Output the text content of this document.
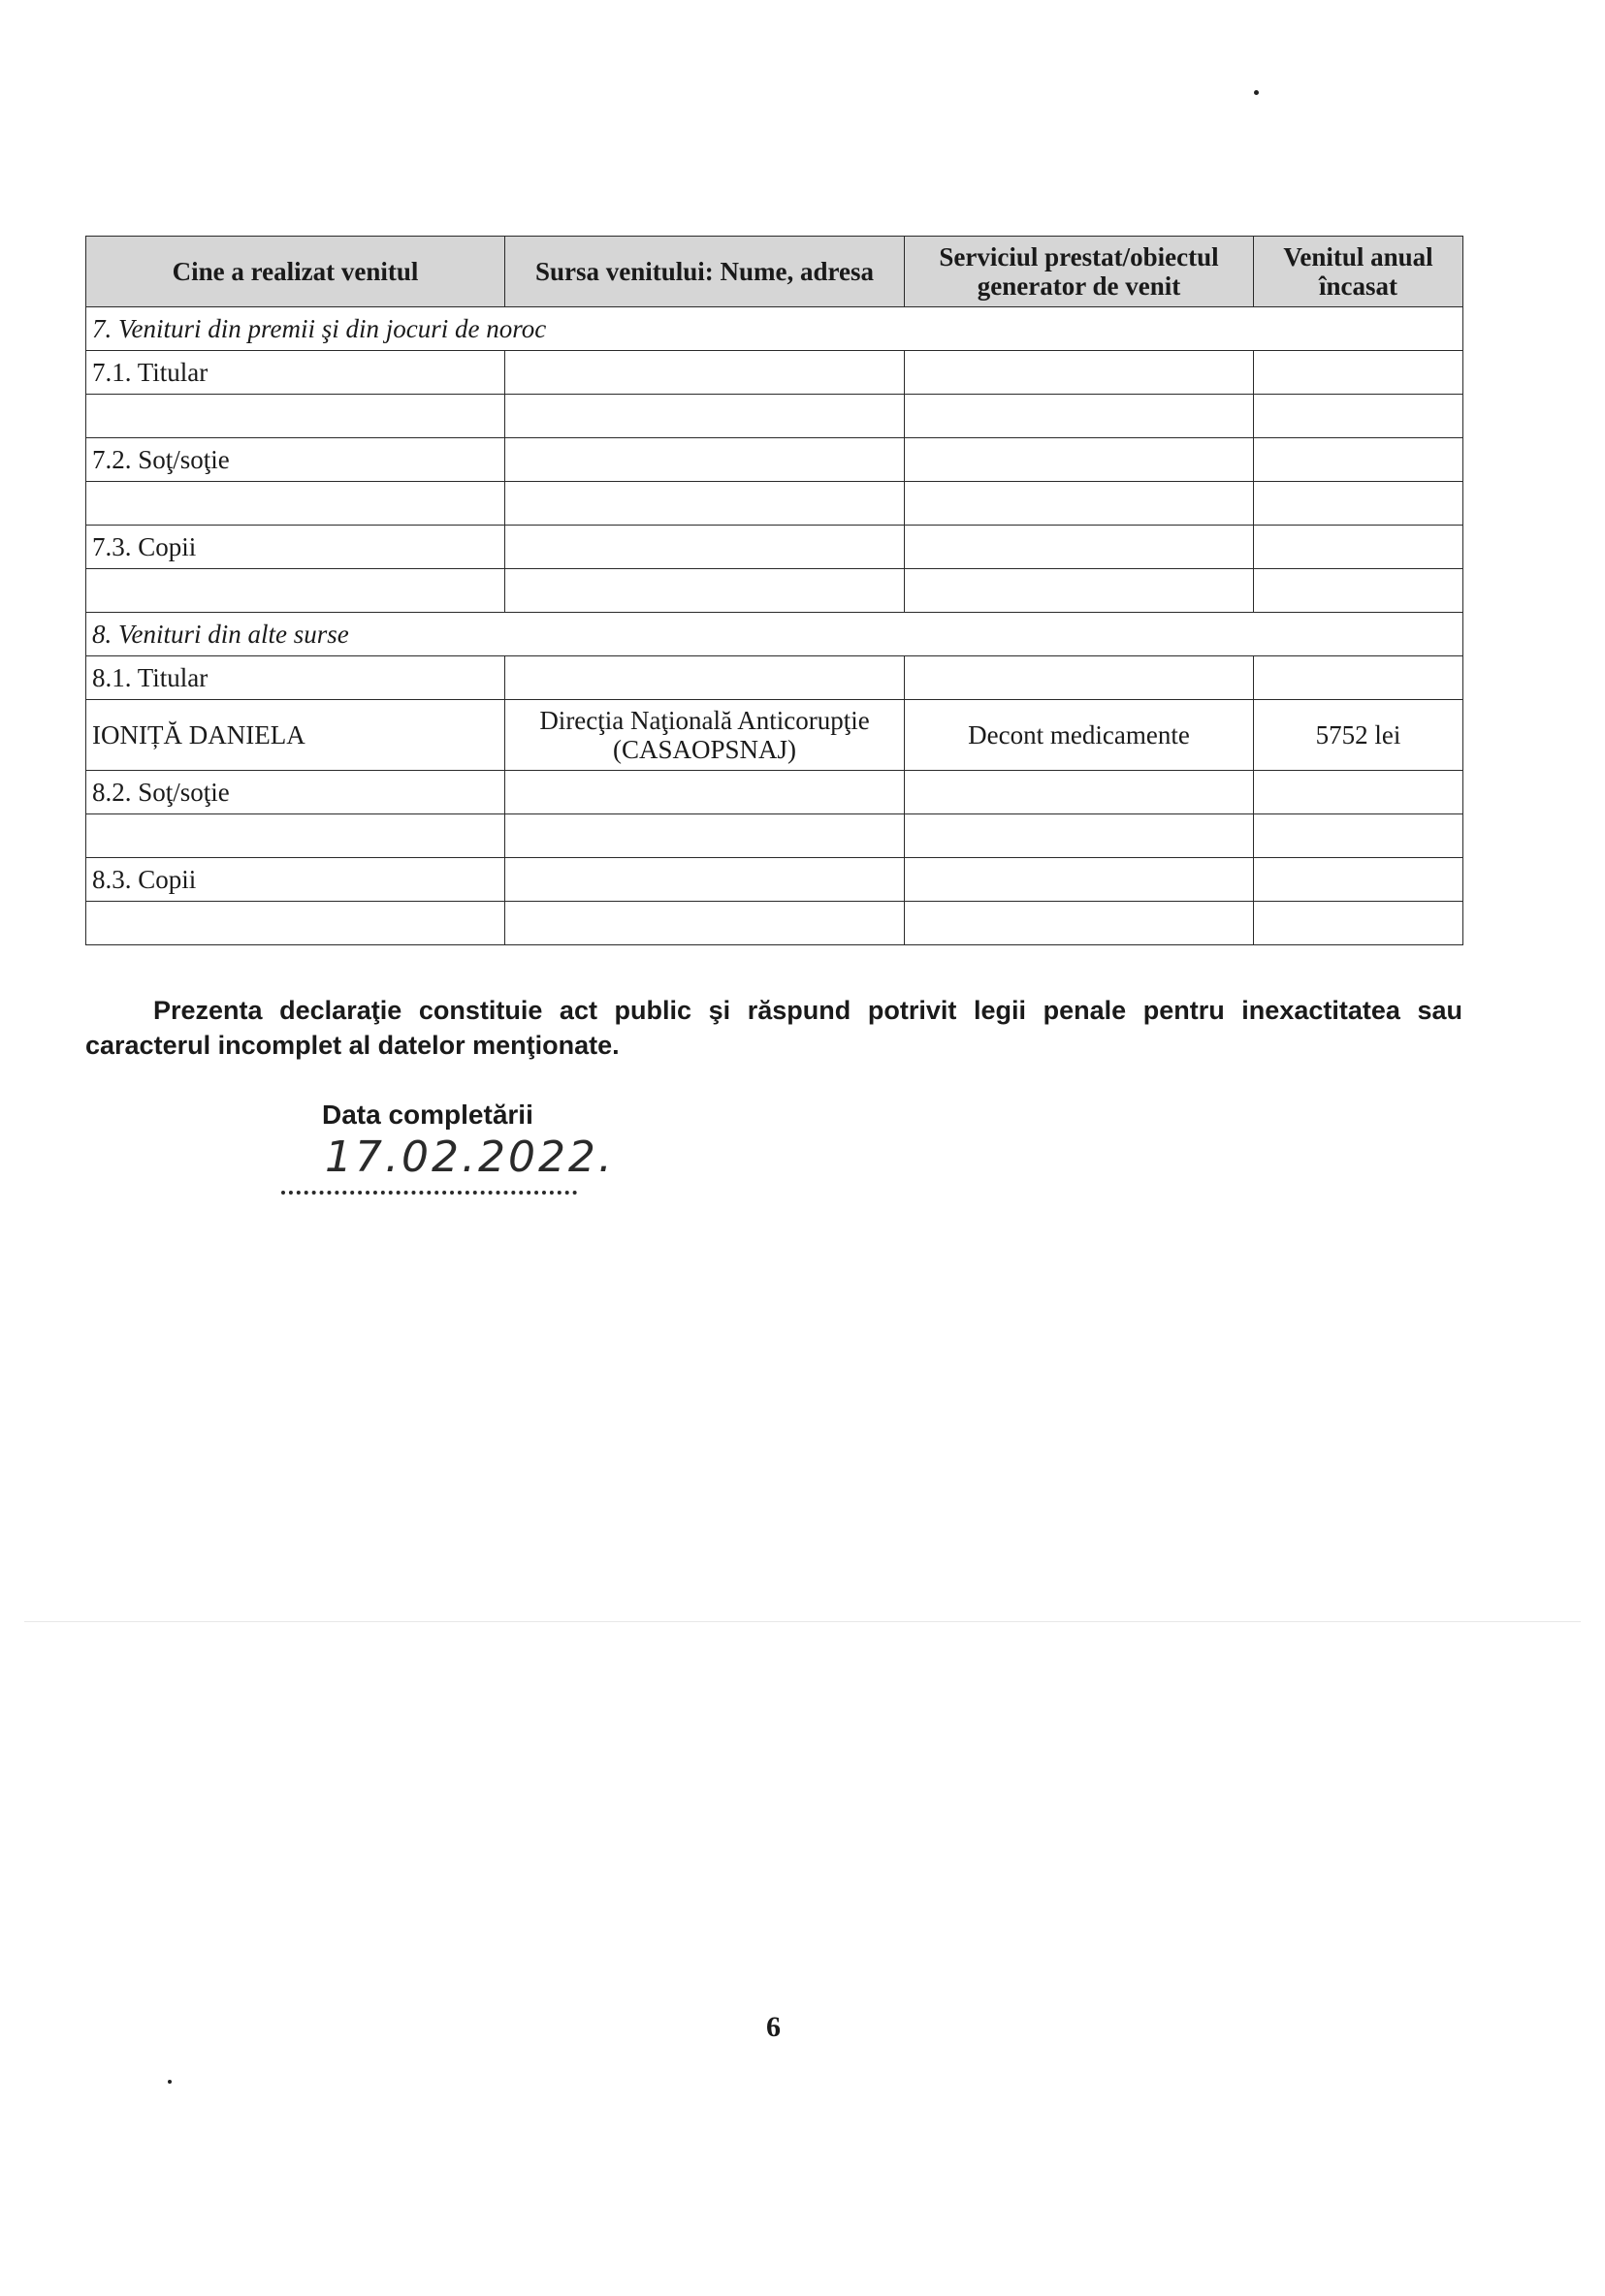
Cine a realizat venitul	Sursa venitului: Nume, adresa	Serviciul prestat/obiectul generator de venit	Venitul anual încasat
7. Venituri din premii şi din jocuri de noroc			
7.1. Titular			

7.2. Soţ/soţie			

7.3. Copii			

8. Venituri din alte surse			
8.1. Titular			
IONIȚĂ DANIELA	Direcţia Naţională Anticorupţie (CASAOPSNAJ)	Decont medicamente	5752 lei
8.2. Soţ/soţie			

8.3. Copii			

Prezenta declaraţie constituie act public şi răspund potrivit legii penale pentru inexactitatea sau caracterul incomplet al datelor menţionate.
Data completării
17.02.2022.
6
